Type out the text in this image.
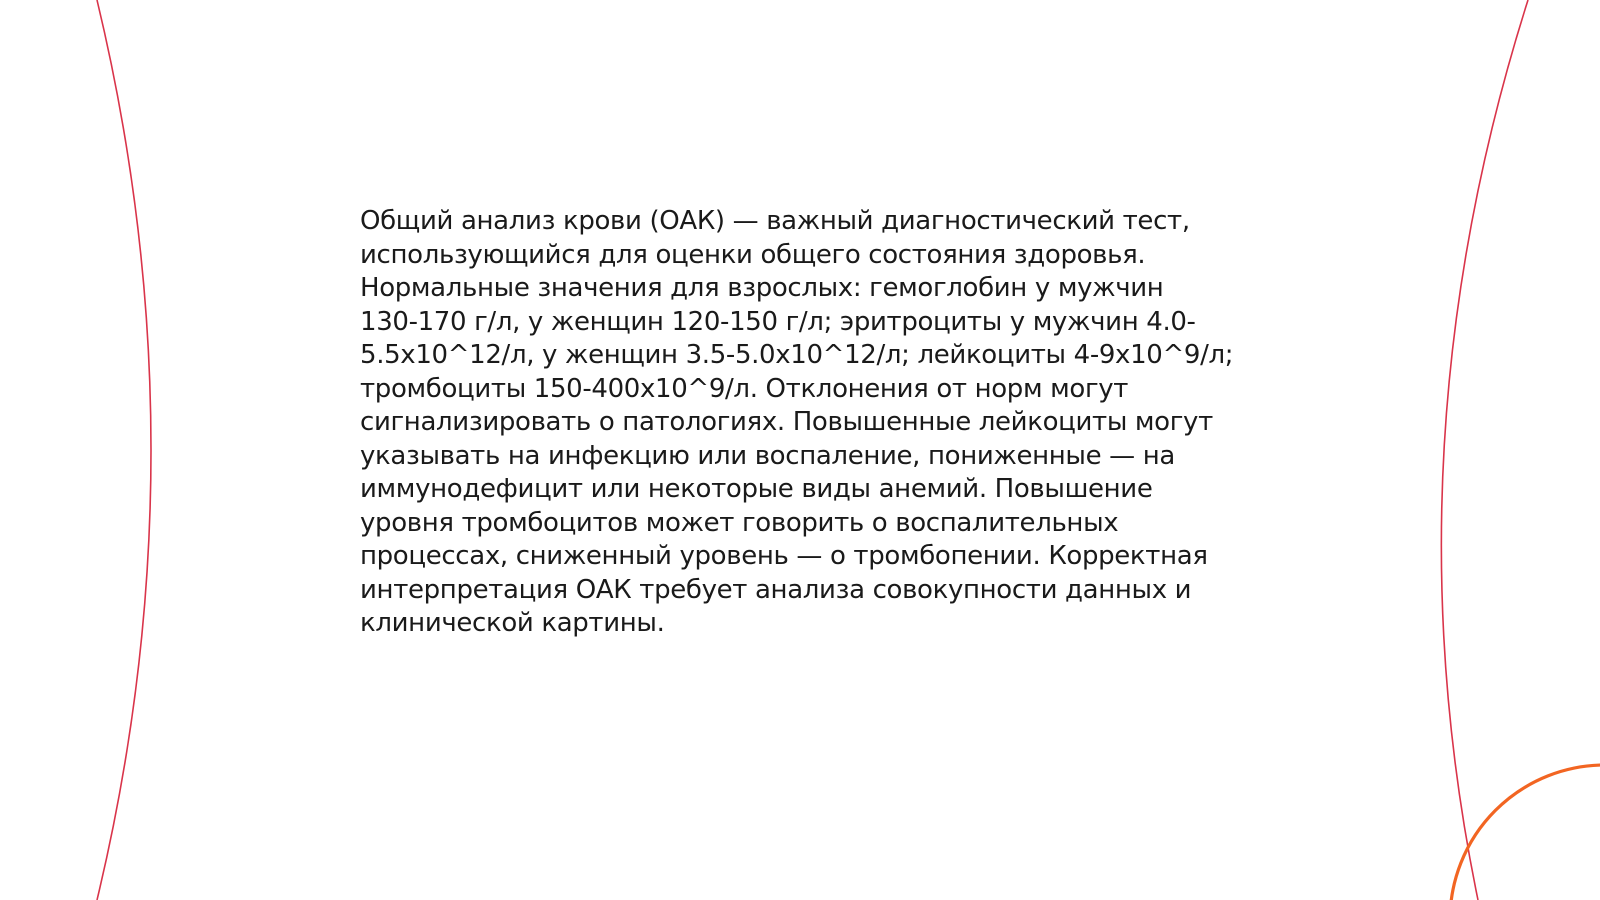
Общий анализ крови (ОАК) — важный диагностический тест,
использующийся для оценки общего состояния здоровья.
Нормальные значения для взрослых: гемоглобин у мужчин
130-170 г/л, у женщин 120-150 г/л; эритроциты у мужчин 4.0-
5.5x10^12/л, у женщин 3.5-5.0x10^12/л; лейкоциты 4-9x10^9/л;
тромбоциты 150-400x10^9/л. Отклонения от норм могут
сигнализировать о патологиях. Повышенные лейкоциты могут
указывать на инфекцию или воспаление, пониженные — на
иммунодефицит или некоторые виды анемий. Повышение
уровня тромбоцитов может говорить о воспалительных
процессах, сниженный уровень — о тромбопении. Корректная
интерпретация ОАК требует анализа совокупности данных и
клинической картины.
